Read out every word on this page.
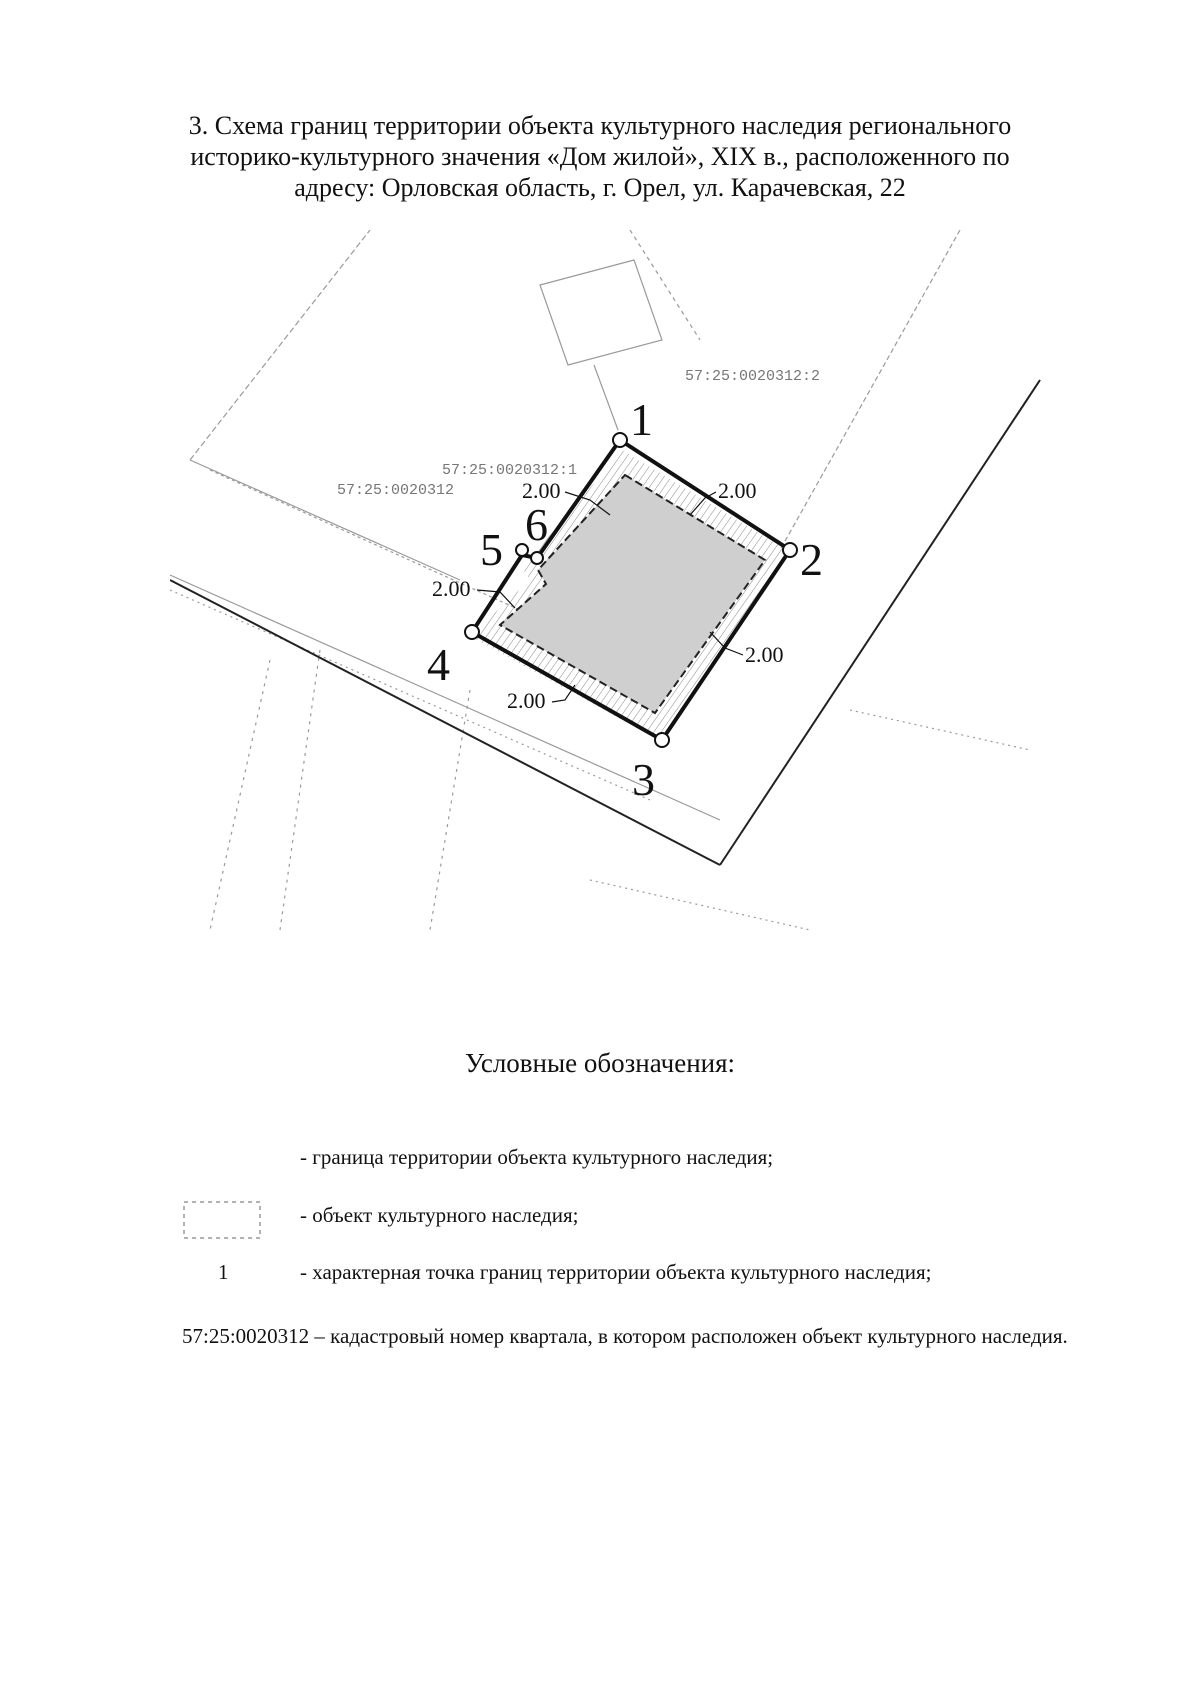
3. Схема границ территории объекта культурного наследия регионального
историко-культурного значения «Дом жилой», XIX в., расположенного по
адресу: Орловская область, г. Орел, ул. Карачевская, 22
1
2
3
4
5 6
57:25:0020312:2
57:25:0020312:1
57:25:0020312	2.00	2.00
2.00
2.00
2.00
Условные обозначения:
- граница территории объекта культурного наследия;
- объект культурного наследия;
1	- характерная точка границ территории объекта культурного наследия;
57:25:0020312 – кадастровый номер квартала, в котором расположен объект культурного наследия.
